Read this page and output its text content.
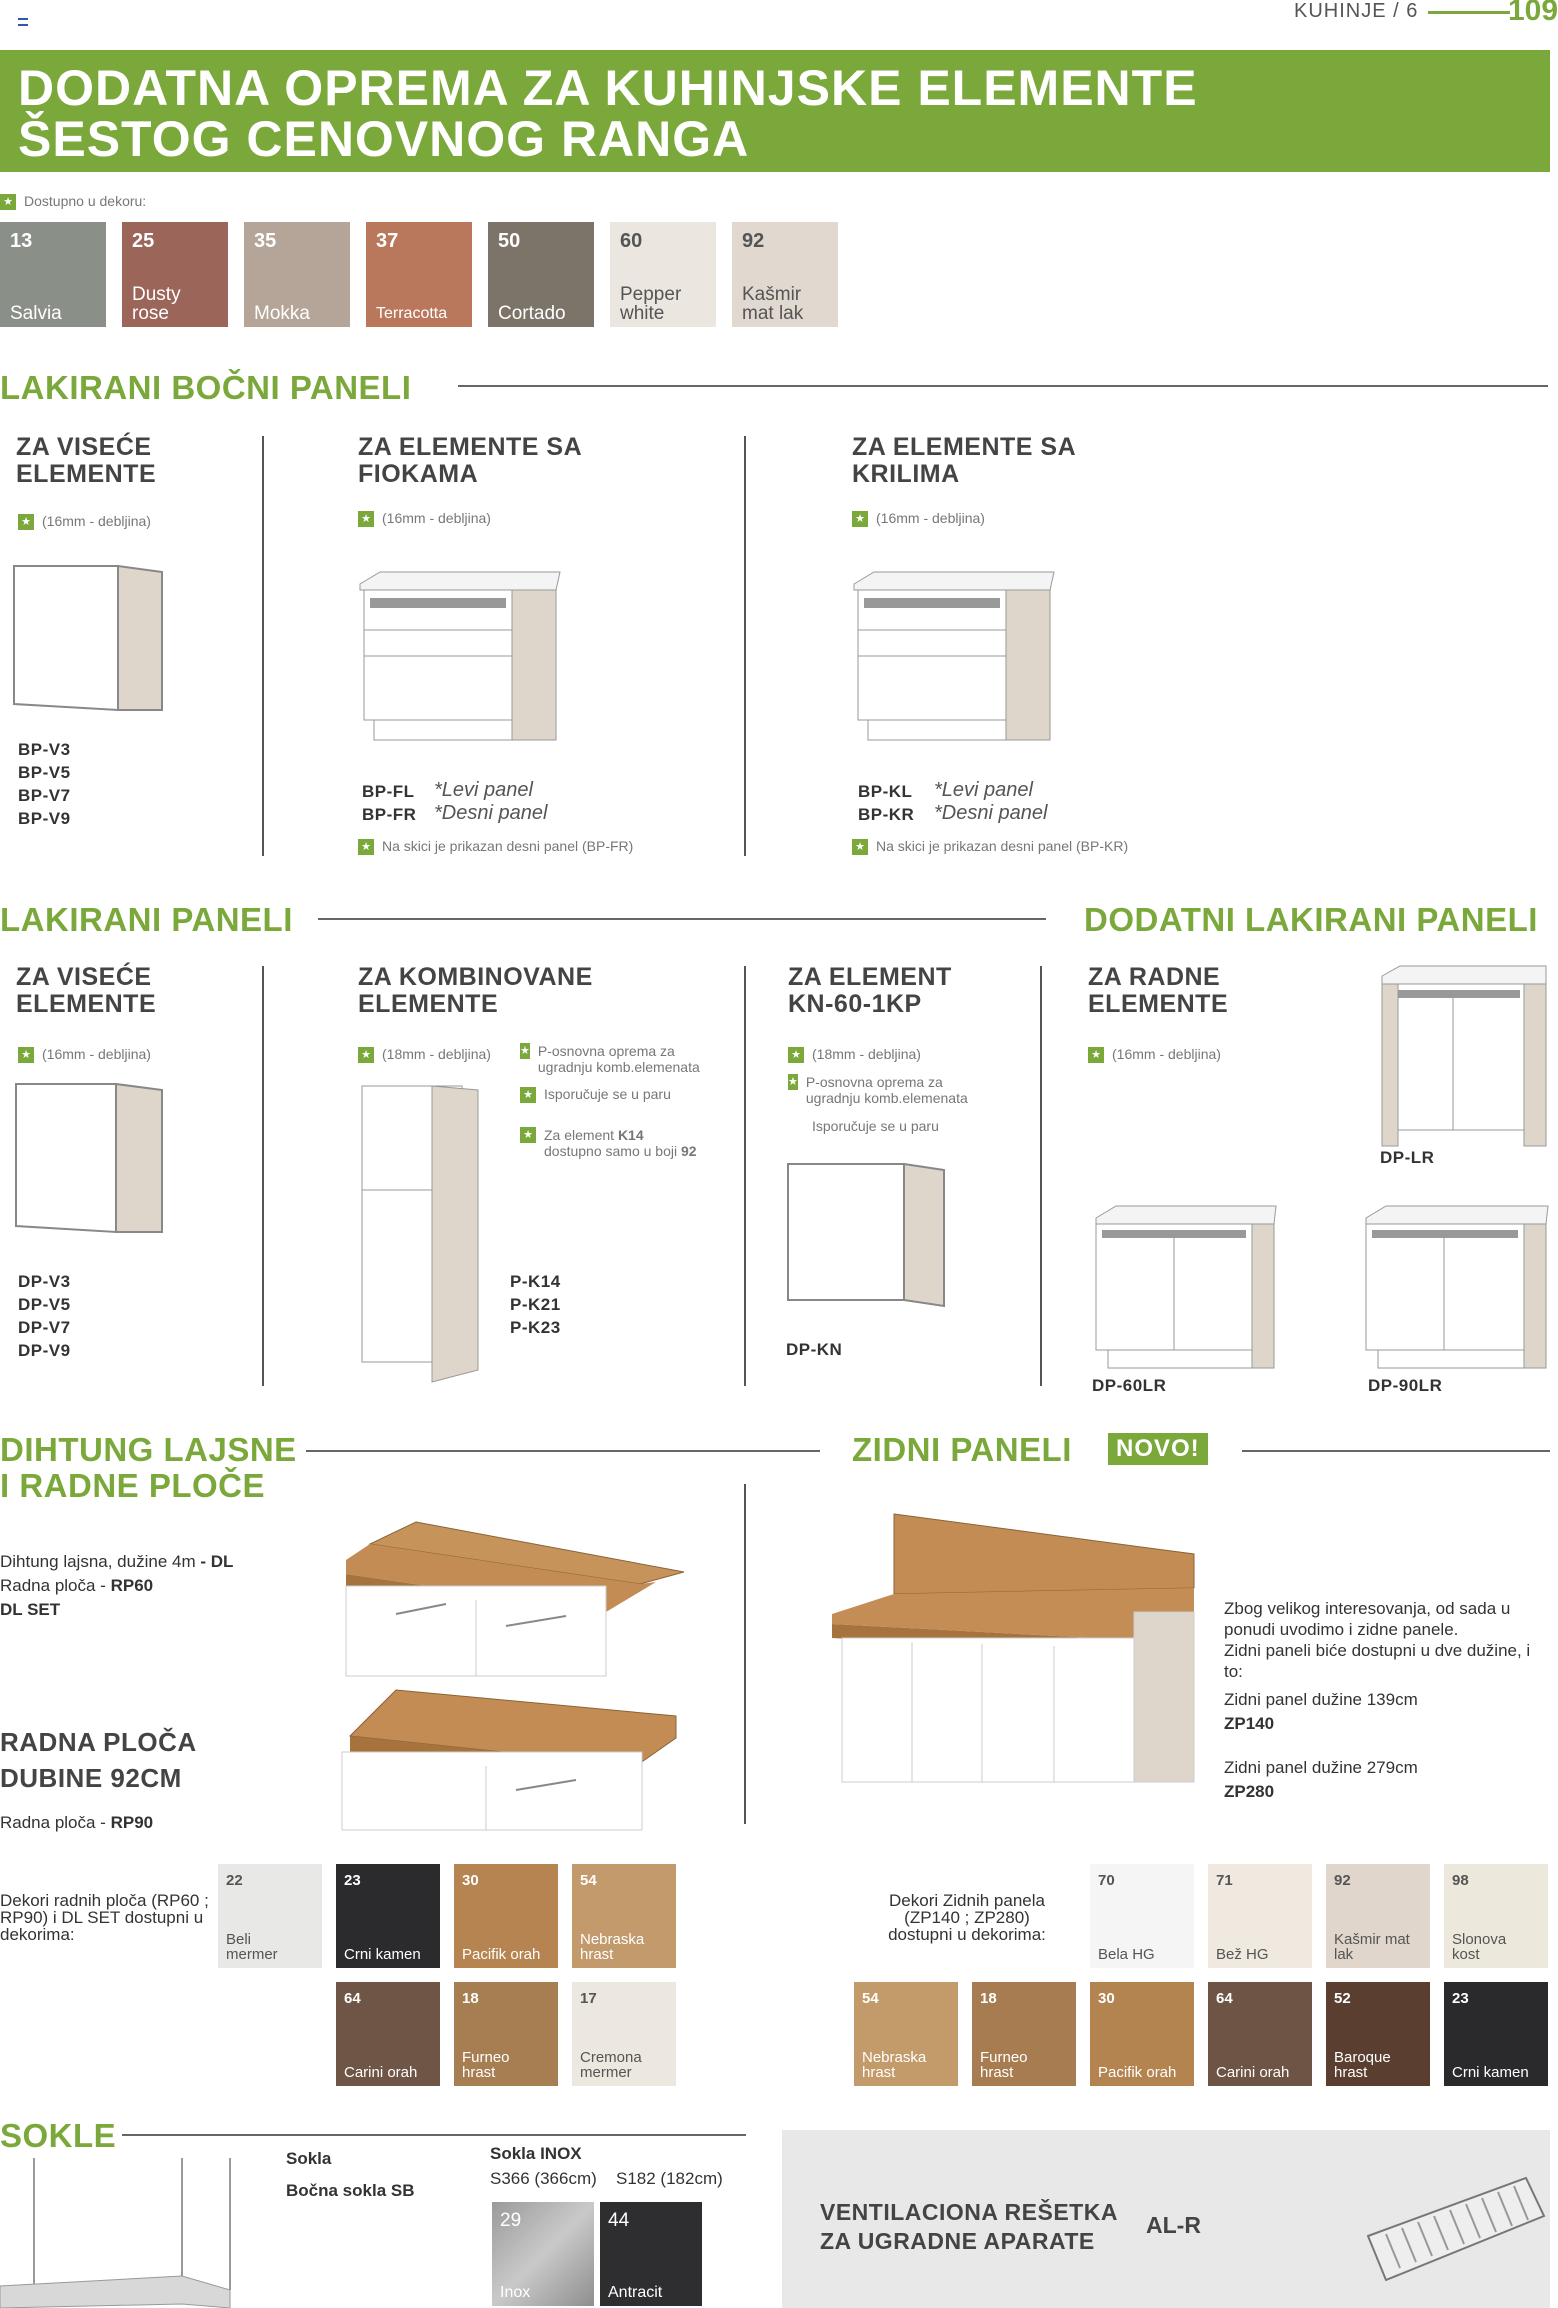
KUHINJE / 6	109
DODATNA OPREMA ZA KUHINJSKE ELEMENTE
ŠESTOG CENOVNOG RANGA
★ Dostupno u dekoru:
13
Salvia
25
Dusty rose
35
Mokka
37
Terracotta
50
Cortado
60
Pepper white
92
Kašmir mat lak
LAKIRANI BOČNI PANELI
ZA VISEĆE
ELEMENTE
★ (16mm - debljina)
BP-V3
BP-V5
BP-V7
BP-V9
ZA ELEMENTE SA
FIOKAMA
★ (16mm - debljina)
BP-FL
BP-FR
*Levi panel
*Desni panel
★ Na skici je prikazan desni panel (BP-FR)
ZA ELEMENTE SA
KRILIMA
★ (16mm - debljina)
BP-KL
BP-KR
*Levi panel
*Desni panel
★ Na skici je prikazan desni panel (BP-KR)
LAKIRANI PANELI	DODATNI LAKIRANI PANELI
ZA VISEĆE
ELEMENTE
★ (16mm - debljina)
DP-V3
DP-V5
DP-V7
DP-V9
ZA KOMBINOVANE
ELEMENTE
★ (18mm - debljina)	★ P-osnovna oprema za ugradnju komb.elemenata
★ Isporučuje se u paru
★ Za element K14
dostupno samo u boji 92
P-K14
P-K21
P-K23
ZA ELEMENT
KN-60-1KP
★ (18mm - debljina)
★ P-osnovna oprema za ugradnju komb.elemenata
Isporučuje se u paru
DP-KN
ZA RADNE
ELEMENTE
★ (16mm - debljina)
DP-LR
DP-60LR	DP-90LR
DIHTUNG LAJSNE
I RADNE PLOČE
Dihtung lajsna, dužine 4m - DL
Radna ploča - RP60
DL SET
RADNA PLOČA
DUBINE 92CM
Radna ploča - RP90
Dekori radnih ploča (RP60 ; RP90) i DL SET dostupni u dekorima:
22
Beli mermer
23
Crni kamen
30
Pacifik orah
54
Nebraska hrast
64
Carini orah
18
Furneo hrast
17
Cremona mermer
ZIDNI PANELI	NOVO!
Zbog velikog interesovanja, od sada u ponudi uvodimo i zidne panele.
Zidni paneli biće dostupni u dve dužine, i to:
Zidni panel dužine 139cm
ZP140
Zidni panel dužine 279cm
ZP280
Dekori Zidnih panela (ZP140 ; ZP280) dostupni u dekorima:
70
Bela HG
71
Bež HG
92
Kašmir mat lak
98
Slonova kost
54
Nebraska hrast
18
Furneo hrast
30
Pacifik orah
64
Carini orah
52
Baroque hrast
23
Crni kamen
SOKLE
Sokla
Bočna sokla SB
Sokla INOX
S366 (366cm) S182 (182cm)
29
Inox
44
Antracit
VENTILACIONA REŠETKA
ZA UGRADNE APARATE
AL-R
